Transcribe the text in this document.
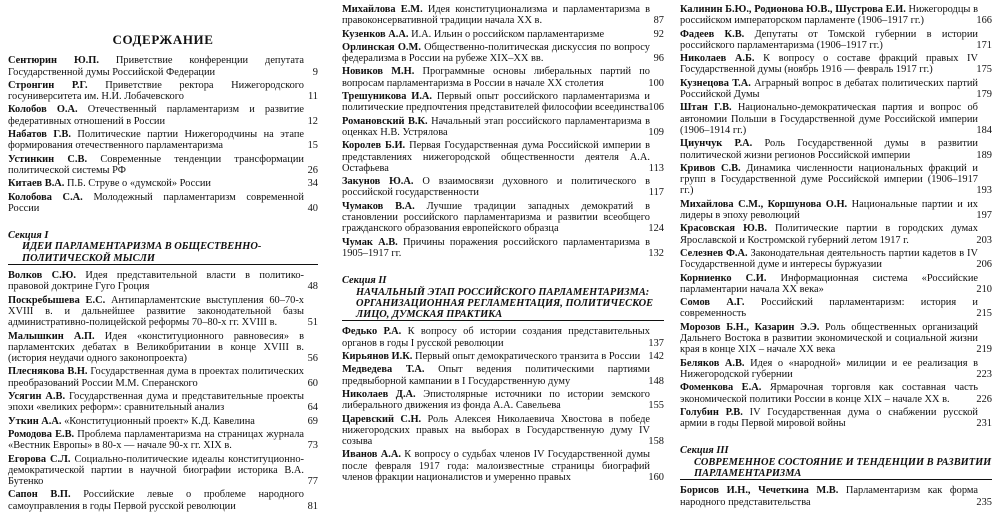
СОДЕРЖАНИЕ
Сентюрин Ю.П. Приветствие конференции депутата Государственной думы Российской Федерации	9
Стронгин Р.Г. Приветствие ректора Нижегородского госуниверситета им. Н.И. Лобачевского	11
Колобов О.А. Отечественный парламентаризм и развитие федеративных отношений в России	12
Набатов Г.В. Политические партии Нижегородчины на этапе формирования отечественного парламентаризма	15
Устинкин С.В. Современные тенденции трансформации политической системы РФ	26
Китаев В.А. П.Б. Струве о «думской» России	34
Колобова С.А. Молодежный парламентаризм современной России	40
Секция I
ИДЕИ ПАРЛАМЕНТАРИЗМА В ОБЩЕСТВЕННО-ПОЛИТИЧЕСКОЙ МЫСЛИ
Волков С.Ю. Идея представительной власти в политико-правовой доктрине Гуго Гроция	48
Поскребышева Е.С. Антипарламентские выступления 60–70-х XVIII в. и дальнейшее развитие законодательной базы административно-полицейской реформы 70–80-х гг. XVIII в.	51
Малышкин А.П. Идея «конституционного равновесия» в парламентских дебатах в Великобритании в конце XVIII в. (история неудачи одного законопроекта)	56
Плеснякова В.Н. Государственная дума в проектах политических преобразований России М.М. Сперанского	60
Усягин А.В. Государственная дума и представительные проекты эпохи «великих реформ»: сравнительный анализ	64
Уткин А.А. «Конституционный проект» К.Д. Кавелина	69
Ромодова Е.В. Проблема парламентаризма на страницах журнала «Вестник Европы» в 80-х — начале 90-х гг. XIX в.	73
Егорова С.Л. Социально-политические идеалы конституционно-демократической партии в научной биографии историка В.А. Бутенко	77
Сапон В.П. Российские левые о проблеме народного самоуправления в годы Первой русской революции	81
Михайлова Е.М. Идея конституционализма и парламентаризма в правоконсервативной традиции начала XX в.	87
Кузенков А.А. И.А. Ильин о российском парламентаризме	92
Орлинская О.М. Общественно-политическая дискуссия по вопросу федерализма в России на рубеже XIX–XX вв.	96
Новиков М.Н. Программные основы либеральных партий по вопросам парламентаризма в России в начале XX столетия	100
Трешуникова И.А. Первый опыт российского парламентаризма и политические предпочтения представителей философии всеединства 106
Романовский В.К. Начальный этап российского парламентаризма в оценках Н.В. Устрялова	109
Королев Б.И. Первая Государственная дума Российской империи в представлениях нижегородской общественности деятеля А.А. Остафьева	113
Закунов Ю.А. О взаимосвязи духовного и политического в российской государственности	117
Чумаков В.А. Лучшие традиции западных демократий в становлении российского парламентаризма и развитии всеобщего гражданского образования европейского образца	124
Чумак А.В. Причины поражения российского парламентаризма в 1905–1917 гг.	132
Секция II
НАЧАЛЬНЫЙ ЭТАП РОССИЙСКОГО ПАРЛАМЕНТАРИЗМА: ОРГАНИЗАЦИОННАЯ РЕГЛАМЕНТАЦИЯ, ПОЛИТИЧЕСКОЕ ЛИЦО, ДУМСКАЯ ПРАКТИКА
Федько Р.А. К вопросу об истории создания представительных органов в годы I русской революции	137
Кирьянов И.К. Первый опыт демократического транзита в России 142
Медведева Т.А. Опыт ведения политическими партиями предвыборной кампании в I Государственную думу	148
Николаев Д.А. Эпистолярные источники по истории земского либерального движения из фонда А.А. Савельева	155
Царевский С.Н. Роль Алексея Николаевича Хвостова в победе нижегородских правых на выборах в Государственную думу IV созыва	158
Иванов А.А. К вопросу о судьбах членов IV Государственной думы после февраля 1917 года: малоизвестные страницы биографий членов фракции националистов и умеренно правых	160
Калинин Б.Ю., Родионова Ю.В., Шустрова Е.И. Нижегородцы в российском императорском парламенте (1906–1917 гг.)	166
Фадеев К.В. Депутаты от Томской губернии в истории российского парламентаризма (1906–1917 гг.)	171
Николаев А.Б. К вопросу о составе фракций правых IV Государственной думы (ноябрь 1916 — февраль 1917 гг.)	175
Кузнецова Т.А. Аграрный вопрос в дебатах политических партий Российской Думы	179
Штан Г.В. Национально-демократическая партия и вопрос об автономии Польши в Государственной думе Российской империи (1906–1914 гг.)	184
Циунчук Р.А. Роль Государственной думы в развитии политической жизни регионов Российской империи	189
Кривов С.В. Динамика численности национальных фракций и групп в Государственной думе Российской империи (1906–1917 гг.)	193
Михайлова С.М., Коршунова О.Н. Национальные партии и их лидеры в эпоху революций	197
Красовская Ю.В. Политические партии в городских думах Ярославской и Костромской губерний летом 1917 г.	203
Селезнев Ф.А. Законодательная деятельность партии кадетов в IV Государственной думе и интересы буржуазии	206
Корниенко С.И. Информационная система «Российские парламентарии начала XX века»	210
Сомов А.Г. Российский парламентаризм: история и современность	215
Морозов Б.Н., Казарин Э.Э. Роль общественных организаций Дальнего Востока в развитии экономической и социальной жизни края в конце XIX – начале XX века	219
Беляков А.В. Идея о «народной» милиции и ее реализация в Нижегородской губернии	223
Фоменкова Е.А. Ярмарочная торговля как составная часть экономической политики России в конце XIX – начале XX в.	226
Голубин Р.В. IV Государственная дума о снабжении русской армии в годы Первой мировой войны	231
Секция III
СОВРЕМЕННОЕ СОСТОЯНИЕ И ТЕНДЕНЦИИ В РАЗВИТИИ ПАРЛАМЕНТАРИЗМА
Борисов И.Н., Чечеткина М.В. Парламентаризм как форма народного представительства	235
